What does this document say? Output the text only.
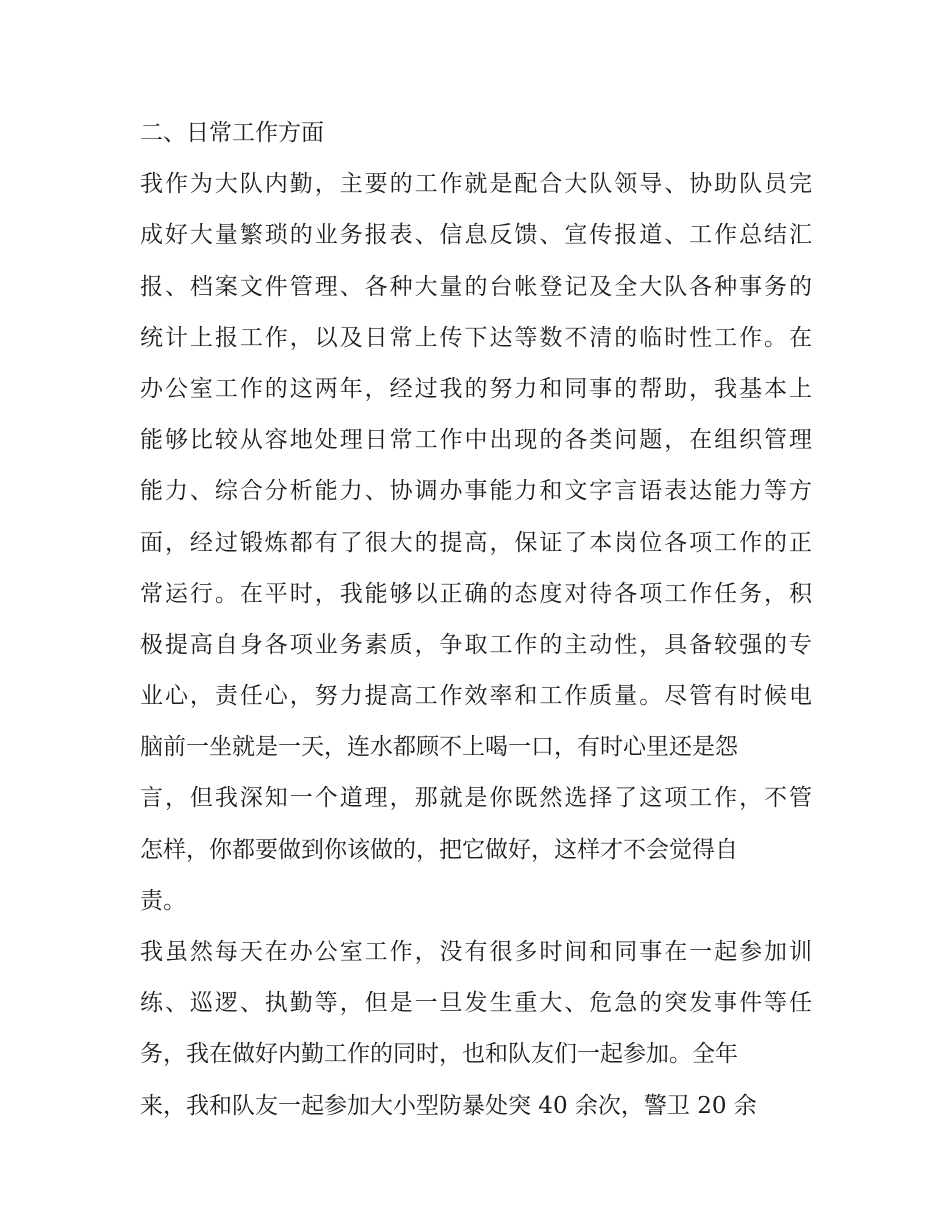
二、日常工作方面
我作为大队内勤，主要的工作就是配合大队领导、协助队员完
成好大量繁琐的业务报表、信息反馈、宣传报道、工作总结汇
报、档案文件管理、各种大量的台帐登记及全大队各种事务的
统计上报工作，以及日常上传下达等数不清的临时性工作。在
办公室工作的这两年，经过我的努力和同事的帮助，我基本上
能够比较从容地处理日常工作中出现的各类问题，在组织管理
能力、综合分析能力、协调办事能力和文字言语表达能力等方
面，经过锻炼都有了很大的提高，保证了本岗位各项工作的正
常运行。在平时，我能够以正确的态度对待各项工作任务，积
极提高自身各项业务素质，争取工作的主动性，具备较强的专
业心，责任心，努力提高工作效率和工作质量。尽管有时候电
脑前一坐就是一天，连水都顾不上喝一口，有时心里还是怨
言，但我深知一个道理，那就是你既然选择了这项工作，不管
怎样，你都要做到你该做的，把它做好，这样才不会觉得自
责。
我虽然每天在办公室工作，没有很多时间和同事在一起参加训
练、巡逻、执勤等，但是一旦发生重大、危急的突发事件等任
务，我在做好内勤工作的同时，也和队友们一起参加。全年
来，我和队友一起参加大小型防暴处突 40 余次，警卫 20 余
